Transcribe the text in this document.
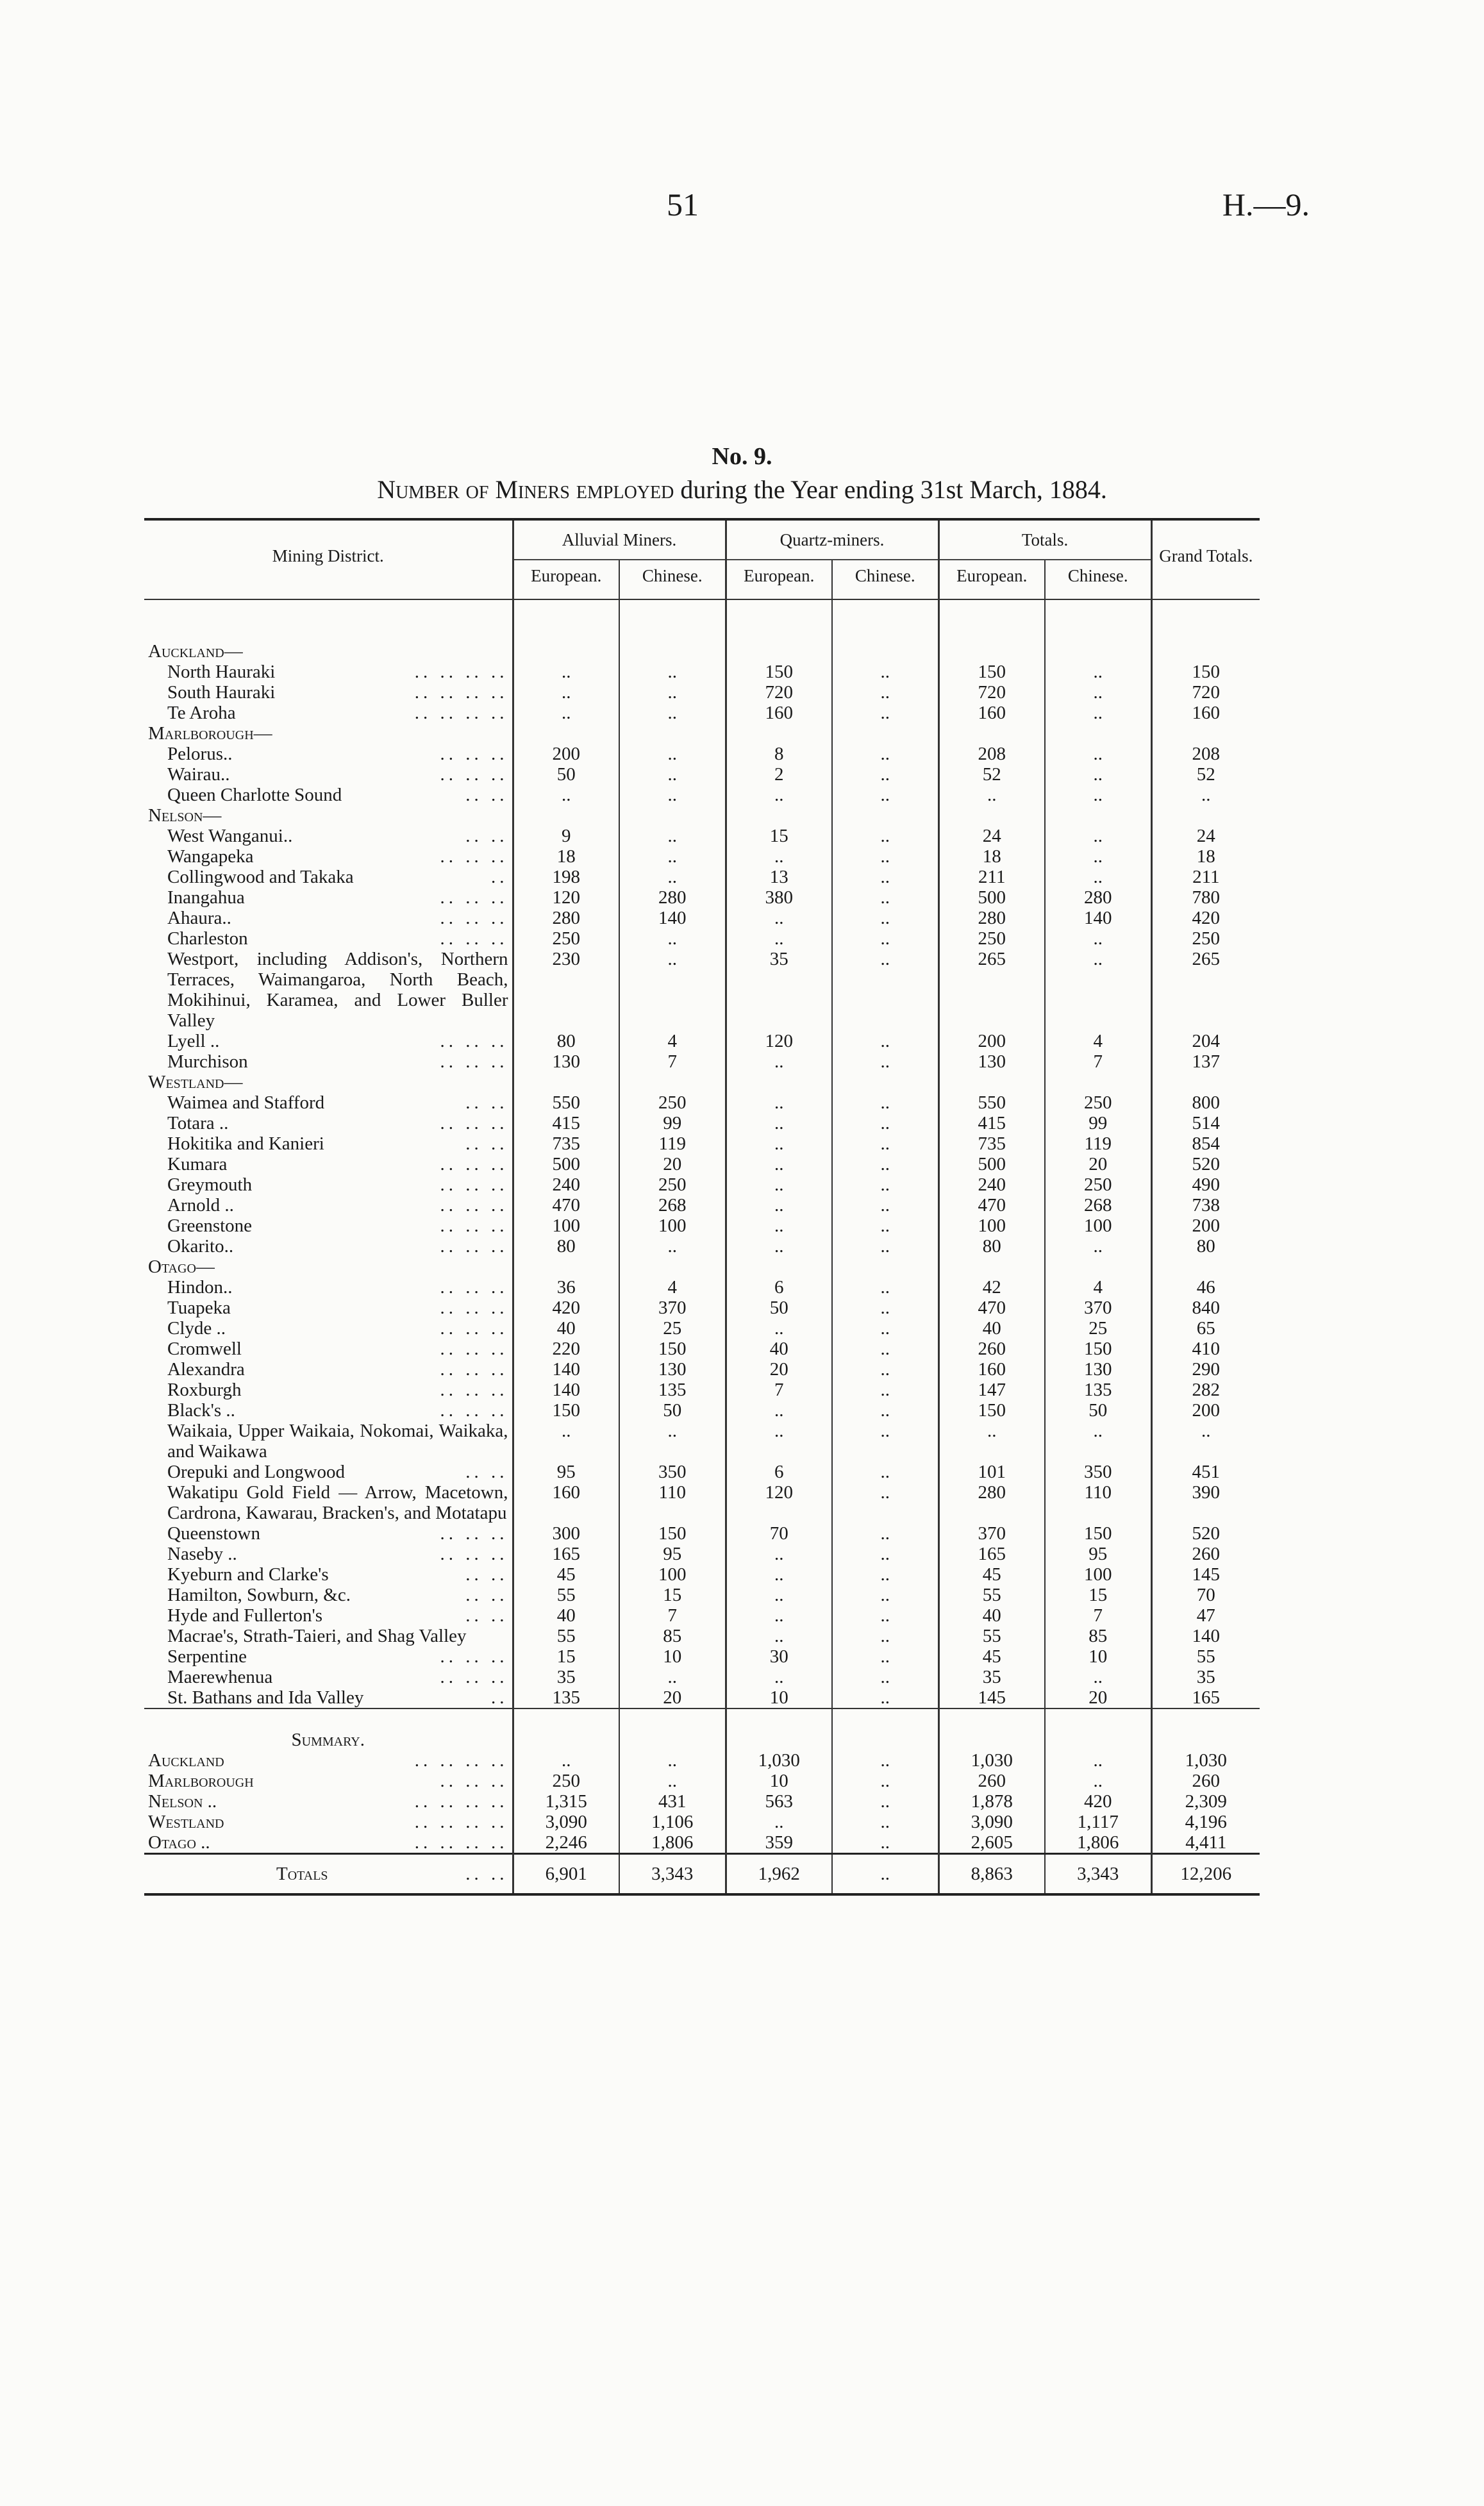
51	H.—9.
No. 9.
Number of Miners employed during the Year ending 31st March, 1884.
Mining District.	Alluvial Miners.		Quartz-miners.		Totals.		Grand Totals.
	European.	Chinese.	European.	Chinese.	European.	Chinese.	

Auckland—							
North Hauraki .. .. .. ..	..	..	150	..	150	..	150
South Hauraki .. .. .. ..	..	..	720	..	720	..	720
Te Aroha .. .. .. ..	..	..	160	..	160	..	160
Marlborough—							
Pelorus.. .. .. ..	200	..	8	..	208	..	208
Wairau.. .. .. ..	50	..	2	..	52	..	52
Queen Charlotte Sound .. ..	..	..	..	..	..	..	..
Nelson—							
West Wanganui.. .. ..	9	..	15	..	24	..	24
Wangapeka .. .. ..	18	..	..	..	18	..	18
Collingwood and Takaka ..	198	..	13	..	211	..	211
Inangahua .. .. ..	120	280	380	..	500	280	780
Ahaura.. .. .. ..	280	140	..	..	280	140	420
Charleston .. .. ..	250	..	..	..	250	..	250
Westport, including Addison's, Northern Terraces, Waimangaroa, North Beach, Mokihinui, Karamea, and Lower Buller Valley	230	..	35	..	265	..	265
Lyell .. .. .. ..	80	4	120	..	200	4	204
Murchison .. .. ..	130	7	..	..	130	7	137
Westland—							
Waimea and Stafford .. ..	550	250	..	..	550	250	800
Totara .. .. .. ..	415	99	..	..	415	99	514
Hokitika and Kanieri .. ..	735	119	..	..	735	119	854
Kumara .. .. ..	500	20	..	..	500	20	520
Greymouth .. .. ..	240	250	..	..	240	250	490
Arnold .. .. .. ..	470	268	..	..	470	268	738
Greenstone .. .. ..	100	100	..	..	100	100	200
Okarito.. .. .. ..	80	..	..	..	80	..	80
Otago—							
Hindon.. .. .. ..	36	4	6	..	42	4	46
Tuapeka .. .. ..	420	370	50	..	470	370	840
Clyde .. .. .. ..	40	25	..	..	40	25	65
Cromwell .. .. ..	220	150	40	..	260	150	410
Alexandra .. .. ..	140	130	20	..	160	130	290
Roxburgh .. .. ..	140	135	7	..	147	135	282
Black's .. .. .. ..	150	50	..	..	150	50	200
Waikaia, Upper Waikaia, Nokomai, Waikaka, and Waikawa	..	..	..	..	..	..	..
Orepuki and Longwood .. ..	95	350	6	..	101	350	451
Wakatipu Gold Field — Arrow, Macetown, Cardrona, Kawarau, Bracken's, and Motatapu	160	110	120	..	280	110	390
Queenstown .. .. ..	300	150	70	..	370	150	520
Naseby .. .. .. ..	165	95	..	..	165	95	260
Kyeburn and Clarke's .. ..	45	100	..	..	45	100	145
Hamilton, Sowburn, &c. .. ..	55	15	..	..	55	15	70
Hyde and Fullerton's .. ..	40	7	..	..	40	7	47
Macrae's, Strath-Taieri, and Shag Valley	55	85	..	..	55	85	140
Serpentine .. .. ..	15	10	30	..	45	10	55
Maerewhenua .. .. ..	35	..	..	..	35	..	35
St. Bathans and Ida Valley ..	135	20	10	..	145	20	165

Summary.							
Auckland .. .. .. ..	..	..	1,030	..	1,030	..	1,030
Marlborough .. .. ..	250	..	10	..	260	..	260
Nelson .. .. .. .. ..	1,315	431	563	..	1,878	420	2,309
Westland .. .. .. ..	3,090	1,106	..	..	3,090	1,117	4,196
Otago .. .. .. .. ..	2,246	1,806	359	..	2,605	1,806	4,411
Totals .. ..	6,901	3,343	1,962	..	8,863	3,343	12,206
